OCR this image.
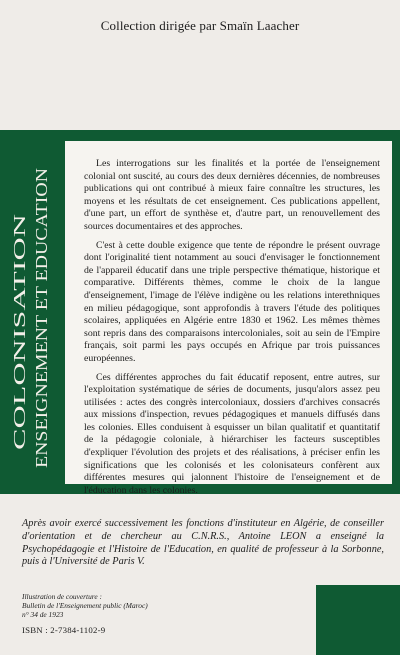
Collection dirigée par Smaïn Laacher
COLONISATION ENSEIGNEMENT ET EDUCATION

Les interrogations sur les finalités et la portée de l'enseignement colonial ont suscité, au cours des deux dernières décennies, de nombreuses publications qui ont contribué à mieux faire connaître les structures, les moyens et les résultats de cet enseignement. Ces publications appellent, d'une part, un effort de synthèse et, d'autre part, un renouvellement des sources documentaires et des approches.

C'est à cette double exigence que tente de répondre le présent ouvrage dont l'originalité tient notamment au souci d'envisager le fonctionnement de l'appareil éducatif dans une triple perspective thématique, historique et comparative. Différents thèmes, comme le choix de la langue d'enseignement, l'image de l'élève indigène ou les relations interethniques en milieu pédagogique, sont approfondis à travers l'étude des politiques scolaires, appliquées en Algérie entre 1830 et 1962. Les mêmes thèmes sont repris dans des comparaisons intercoloniales, soit au sein de l'Empire français, soit parmi les pays occupés en Afrique par trois puissances européennes.

Ces différentes approches du fait éducatif reposent, entre autres, sur l'exploitation systématique de séries de documents, jusqu'alors assez peu utilisées : actes des congrès intercoloniaux, dossiers d'archives consacrés aux missions d'inspection, revues pédagogiques et manuels diffusés dans les colonies. Elles conduisent à esquisser un bilan qualitatif et quantitatif de la pédagogie coloniale, à hiérarchiser les facteurs susceptibles d'expliquer l'évolution des projets et des réalisations, à préciser enfin les significations que les colonisés et les colonisateurs confèrent aux différentes mesures qui jalonnent l'histoire de l'enseignement et de l'éducation dans les colonies.

Après avoir exercé successivement les fonctions d'instituteur en Algérie, de conseiller d'orientation et de chercheur au C.N.R.S., Antoine LEON a enseigné la Psychopédagogie et l'Histoire de l'Education, en qualité de professeur à la Sorbonne, puis à l'Université de Paris V.
Illustration de couverture :
Bulletin de l'Enseignement public (Maroc)
n° 34 de 1923
ISBN : 2-7384-1102-9
